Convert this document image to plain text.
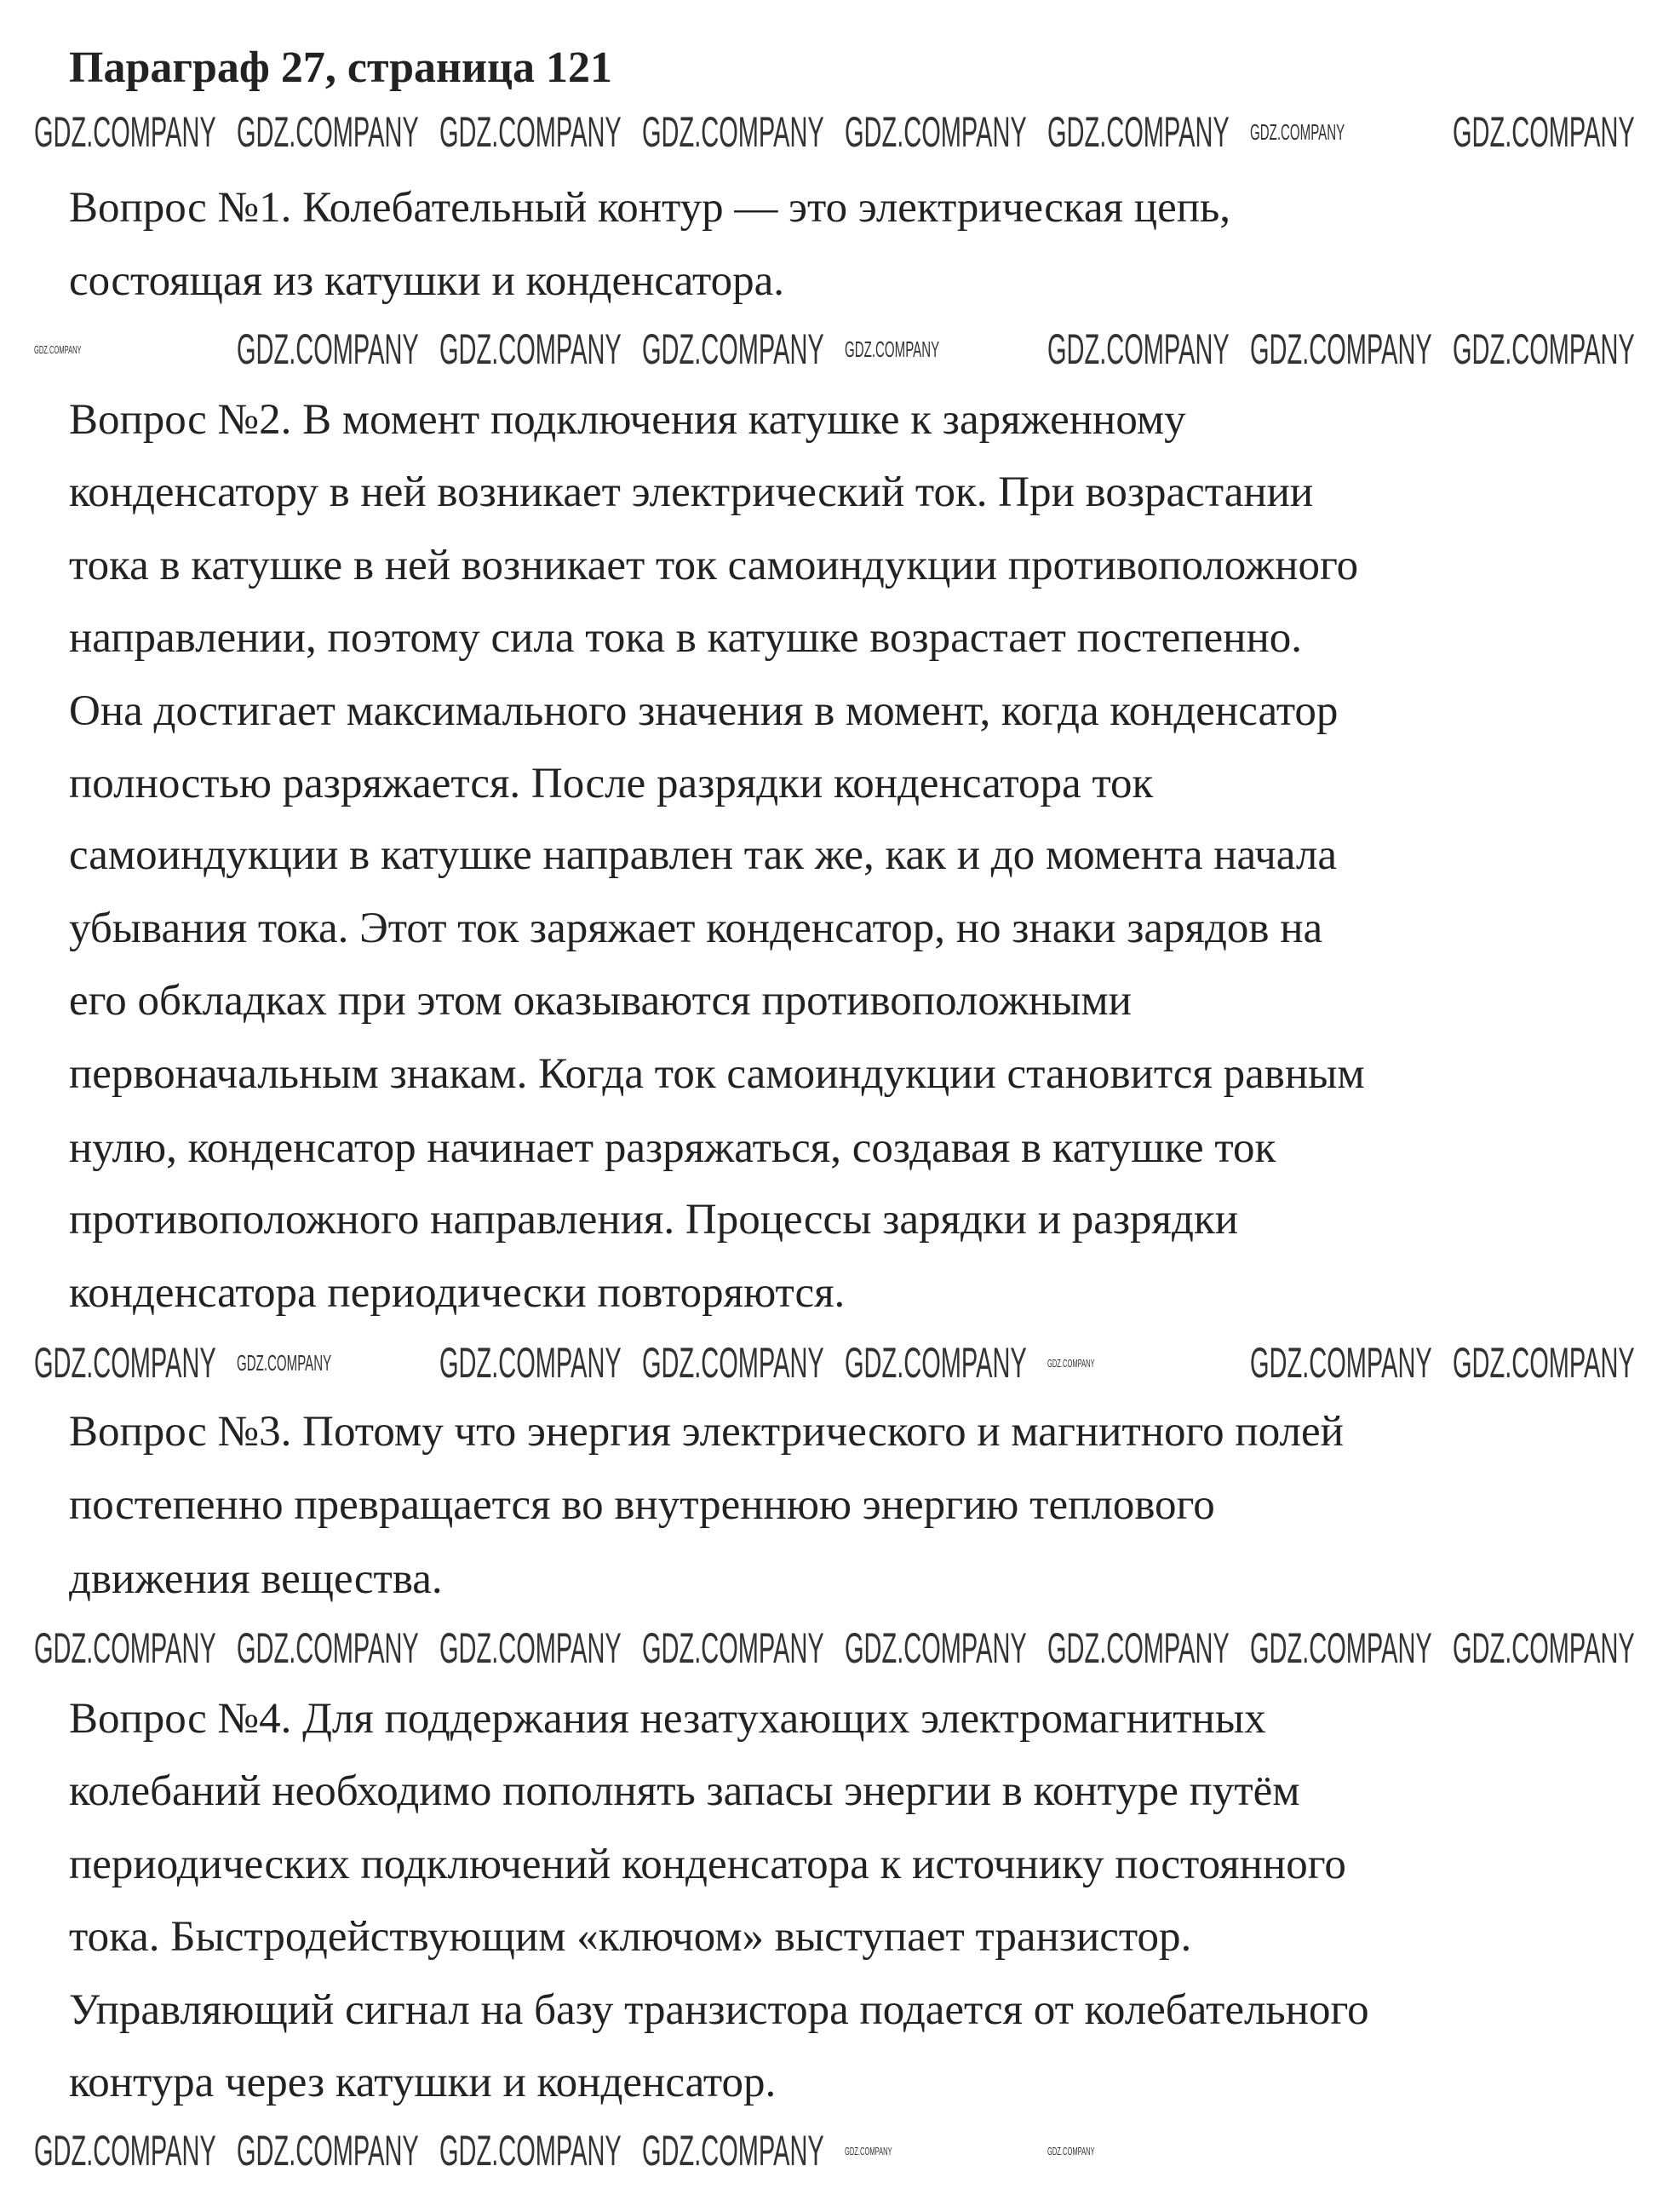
Параграф 27, страница 121
Вопрос №1. Колебательный контур — это электрическая цепь,
состоящая из катушки и конденсатора.
Вопрос №2. В момент подключения катушке к заряженному
конденсатору в ней возникает электрический ток. При возрастании
тока в катушке в ней возникает ток самоиндукции противоположного
направлении, поэтому сила тока в катушке возрастает постепенно.
Она достигает максимального значения в момент, когда конденсатор
полностью разряжается. После разрядки конденсатора ток
самоиндукции в катушке направлен так же, как и до момента начала
убывания тока. Этот ток заряжает конденсатор, но знаки зарядов на
его обкладках при этом оказываются противоположными
первоначальным знакам. Когда ток самоиндукции становится равным
нулю, конденсатор начинает разряжаться, создавая в катушке ток
противоположного направления. Процессы зарядки и разрядки
конденсатора периодически повторяются.
Вопрос №3. Потому что энергия электрического и магнитного полей
постепенно превращается во внутреннюю энергию теплового
движения вещества.
Вопрос №4. Для поддержания незатухающих электромагнитных
колебаний необходимо пополнять запасы энергии в контуре путём
периодических подключений конденсатора к источнику постоянного
тока. Быстродействующим «ключом» выступает транзистор.
Управляющий сигнал на базу транзистора подается от колебательного
контура через катушки и конденсатор.
GDZ.COMPANY GDZ.COMPANY GDZ.COMPANY GDZ.COMPANY GDZ.COMPANY GDZ.COMPANY GDZ.COMPANY	GDZ.COMPANY
GDZ.COMPANY	GDZ.COMPANY GDZ.COMPANY GDZ.COMPANY GDZ.COMPANY	GDZ.COMPANY GDZ.COMPANY GDZ.COMPANY
GDZ.COMPANY GDZ.COMPANY	GDZ.COMPANY GDZ.COMPANY GDZ.COMPANY GDZ.COMPANY	GDZ.COMPANY GDZ.COMPANY
GDZ.COMPANY GDZ.COMPANY GDZ.COMPANY GDZ.COMPANY GDZ.COMPANY GDZ.COMPANY GDZ.COMPANY GDZ.COMPANY
GDZ.COMPANY GDZ.COMPANY GDZ.COMPANY GDZ.COMPANY GDZ.COMPANY	GDZ.COMPANY
